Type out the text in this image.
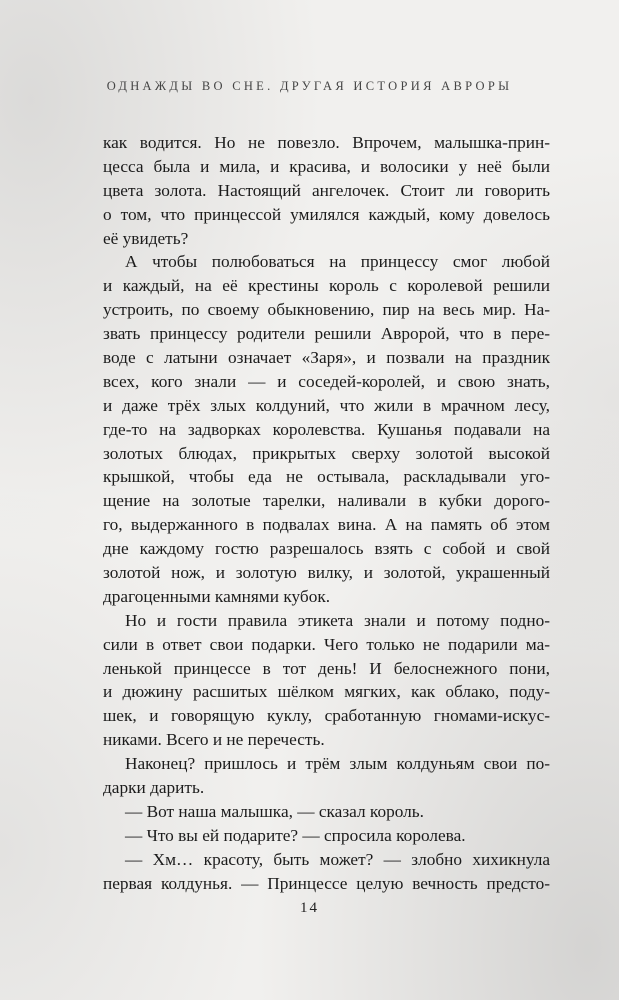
ОДНАЖДЫ ВО СНЕ. ДРУГАЯ ИСТОРИЯ АВРОРЫ
как водится. Но не повезло. Впрочем, малышка-прин-
цесса была и мила, и красива, и волосики у неё были
цвета золота. Настоящий ангелочек. Стоит ли говорить
о том, что принцессой умилялся каждый, кому довелось
её увидеть?
А чтобы полюбоваться на принцессу смог любой
и каждый, на её крестины король с королевой решили
устроить, по своему обыкновению, пир на весь мир. На-
звать принцессу родители решили Авророй, что в пере-
воде с латыни означает «Заря», и позвали на праздник
всех, кого знали — и соседей-королей, и свою знать,
и даже трёх злых колдуний, что жили в мрачном лесу,
где-то на задворках королевства. Кушанья подавали на
золотых блюдах, прикрытых сверху золотой высокой
крышкой, чтобы еда не остывала, раскладывали уго-
щение на золотые тарелки, наливали в кубки дорого-
го, выдержанного в подвалах вина. А на память об этом
дне каждому гостю разрешалось взять с собой и свой
золотой нож, и золотую вилку, и золотой, украшенный
драгоценными камнями кубок.
Но и гости правила этикета знали и потому подно-
сили в ответ свои подарки. Чего только не подарили ма-
ленькой принцессе в тот день! И белоснежного пони,
и дюжину расшитых шёлком мягких, как облако, поду-
шек, и говорящую куклу, сработанную гномами-искус-
никами. Всего и не перечесть.
Наконец? пришлось и трём злым колдуньям свои по-
дарки дарить.
— Вот наша малышка, — сказал король.
— Что вы ей подарите? — спросила королева.
— Хм… красоту, быть может? — злобно хихикнула
первая колдунья. — Принцессе целую вечность предсто-
14
